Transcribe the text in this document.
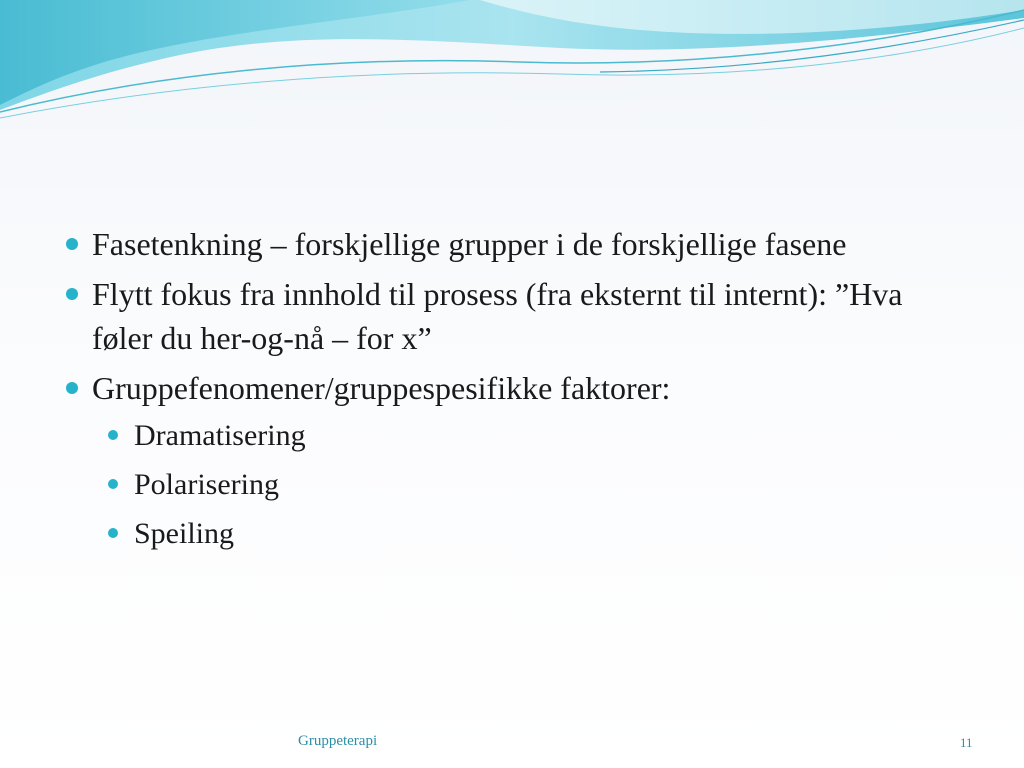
Fasetenkning – forskjellige grupper i de forskjellige fasene
Flytt fokus fra innhold til prosess (fra eksternt til internt): ”Hva føler du her-og-nå – for x”
Gruppefenomener/gruppespesifikke faktorer:
Dramatisering
Polarisering
Speiling
Gruppeterapi	11
